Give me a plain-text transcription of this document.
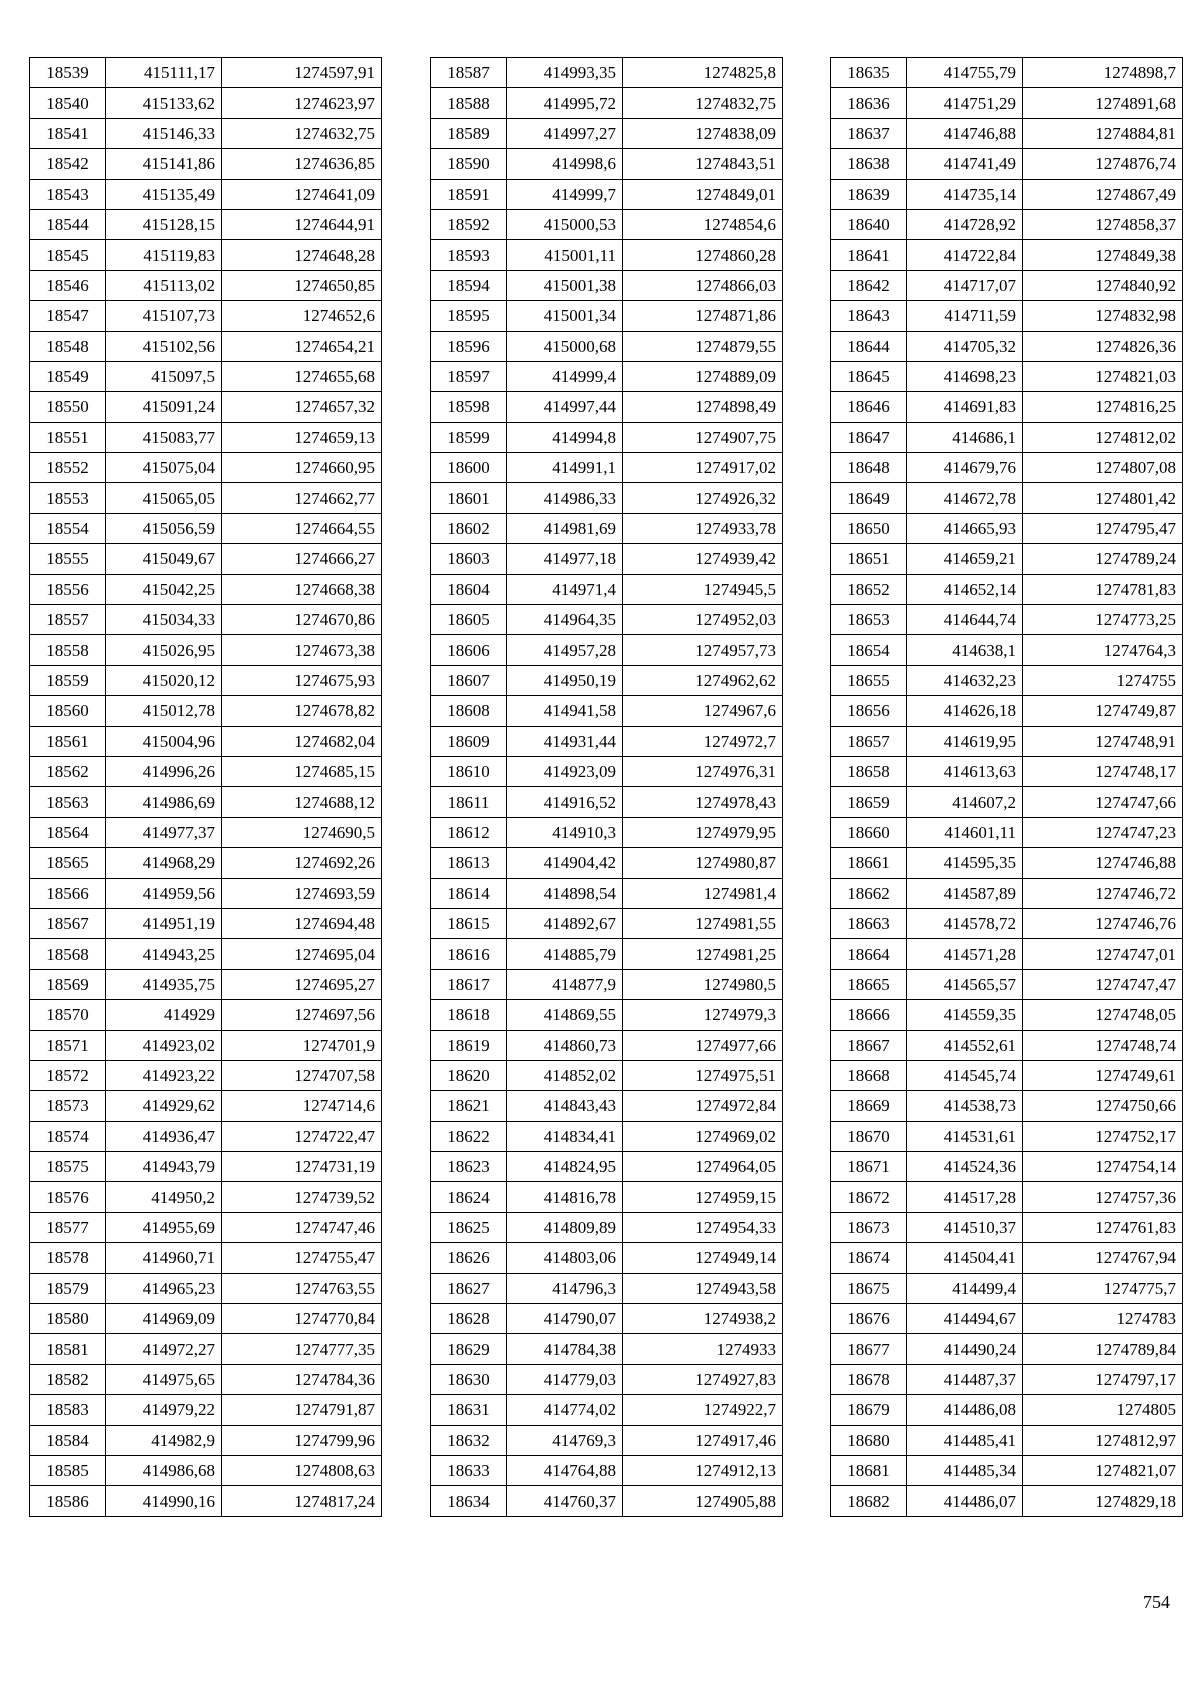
18539	415111,17	1274597,91
18540	415133,62	1274623,97
18541	415146,33	1274632,75
18542	415141,86	1274636,85
18543	415135,49	1274641,09
18544	415128,15	1274644,91
18545	415119,83	1274648,28
18546	415113,02	1274650,85
18547	415107,73	1274652,6
18548	415102,56	1274654,21
18549	415097,5	1274655,68
18550	415091,24	1274657,32
18551	415083,77	1274659,13
18552	415075,04	1274660,95
18553	415065,05	1274662,77
18554	415056,59	1274664,55
18555	415049,67	1274666,27
18556	415042,25	1274668,38
18557	415034,33	1274670,86
18558	415026,95	1274673,38
18559	415020,12	1274675,93
18560	415012,78	1274678,82
18561	415004,96	1274682,04
18562	414996,26	1274685,15
18563	414986,69	1274688,12
18564	414977,37	1274690,5
18565	414968,29	1274692,26
18566	414959,56	1274693,59
18567	414951,19	1274694,48
18568	414943,25	1274695,04
18569	414935,75	1274695,27
18570	414929	1274697,56
18571	414923,02	1274701,9
18572	414923,22	1274707,58
18573	414929,62	1274714,6
18574	414936,47	1274722,47
18575	414943,79	1274731,19
18576	414950,2	1274739,52
18577	414955,69	1274747,46
18578	414960,71	1274755,47
18579	414965,23	1274763,55
18580	414969,09	1274770,84
18581	414972,27	1274777,35
18582	414975,65	1274784,36
18583	414979,22	1274791,87
18584	414982,9	1274799,96
18585	414986,68	1274808,63
18586	414990,16	1274817,24
18587	414993,35	1274825,8
18588	414995,72	1274832,75
18589	414997,27	1274838,09
18590	414998,6	1274843,51
18591	414999,7	1274849,01
18592	415000,53	1274854,6
18593	415001,11	1274860,28
18594	415001,38	1274866,03
18595	415001,34	1274871,86
18596	415000,68	1274879,55
18597	414999,4	1274889,09
18598	414997,44	1274898,49
18599	414994,8	1274907,75
18600	414991,1	1274917,02
18601	414986,33	1274926,32
18602	414981,69	1274933,78
18603	414977,18	1274939,42
18604	414971,4	1274945,5
18605	414964,35	1274952,03
18606	414957,28	1274957,73
18607	414950,19	1274962,62
18608	414941,58	1274967,6
18609	414931,44	1274972,7
18610	414923,09	1274976,31
18611	414916,52	1274978,43
18612	414910,3	1274979,95
18613	414904,42	1274980,87
18614	414898,54	1274981,4
18615	414892,67	1274981,55
18616	414885,79	1274981,25
18617	414877,9	1274980,5
18618	414869,55	1274979,3
18619	414860,73	1274977,66
18620	414852,02	1274975,51
18621	414843,43	1274972,84
18622	414834,41	1274969,02
18623	414824,95	1274964,05
18624	414816,78	1274959,15
18625	414809,89	1274954,33
18626	414803,06	1274949,14
18627	414796,3	1274943,58
18628	414790,07	1274938,2
18629	414784,38	1274933
18630	414779,03	1274927,83
18631	414774,02	1274922,7
18632	414769,3	1274917,46
18633	414764,88	1274912,13
18634	414760,37	1274905,88
18635	414755,79	1274898,7
18636	414751,29	1274891,68
18637	414746,88	1274884,81
18638	414741,49	1274876,74
18639	414735,14	1274867,49
18640	414728,92	1274858,37
18641	414722,84	1274849,38
18642	414717,07	1274840,92
18643	414711,59	1274832,98
18644	414705,32	1274826,36
18645	414698,23	1274821,03
18646	414691,83	1274816,25
18647	414686,1	1274812,02
18648	414679,76	1274807,08
18649	414672,78	1274801,42
18650	414665,93	1274795,47
18651	414659,21	1274789,24
18652	414652,14	1274781,83
18653	414644,74	1274773,25
18654	414638,1	1274764,3
18655	414632,23	1274755
18656	414626,18	1274749,87
18657	414619,95	1274748,91
18658	414613,63	1274748,17
18659	414607,2	1274747,66
18660	414601,11	1274747,23
18661	414595,35	1274746,88
18662	414587,89	1274746,72
18663	414578,72	1274746,76
18664	414571,28	1274747,01
18665	414565,57	1274747,47
18666	414559,35	1274748,05
18667	414552,61	1274748,74
18668	414545,74	1274749,61
18669	414538,73	1274750,66
18670	414531,61	1274752,17
18671	414524,36	1274754,14
18672	414517,28	1274757,36
18673	414510,37	1274761,83
18674	414504,41	1274767,94
18675	414499,4	1274775,7
18676	414494,67	1274783
18677	414490,24	1274789,84
18678	414487,37	1274797,17
18679	414486,08	1274805
18680	414485,41	1274812,97
18681	414485,34	1274821,07
18682	414486,07	1274829,18
754
